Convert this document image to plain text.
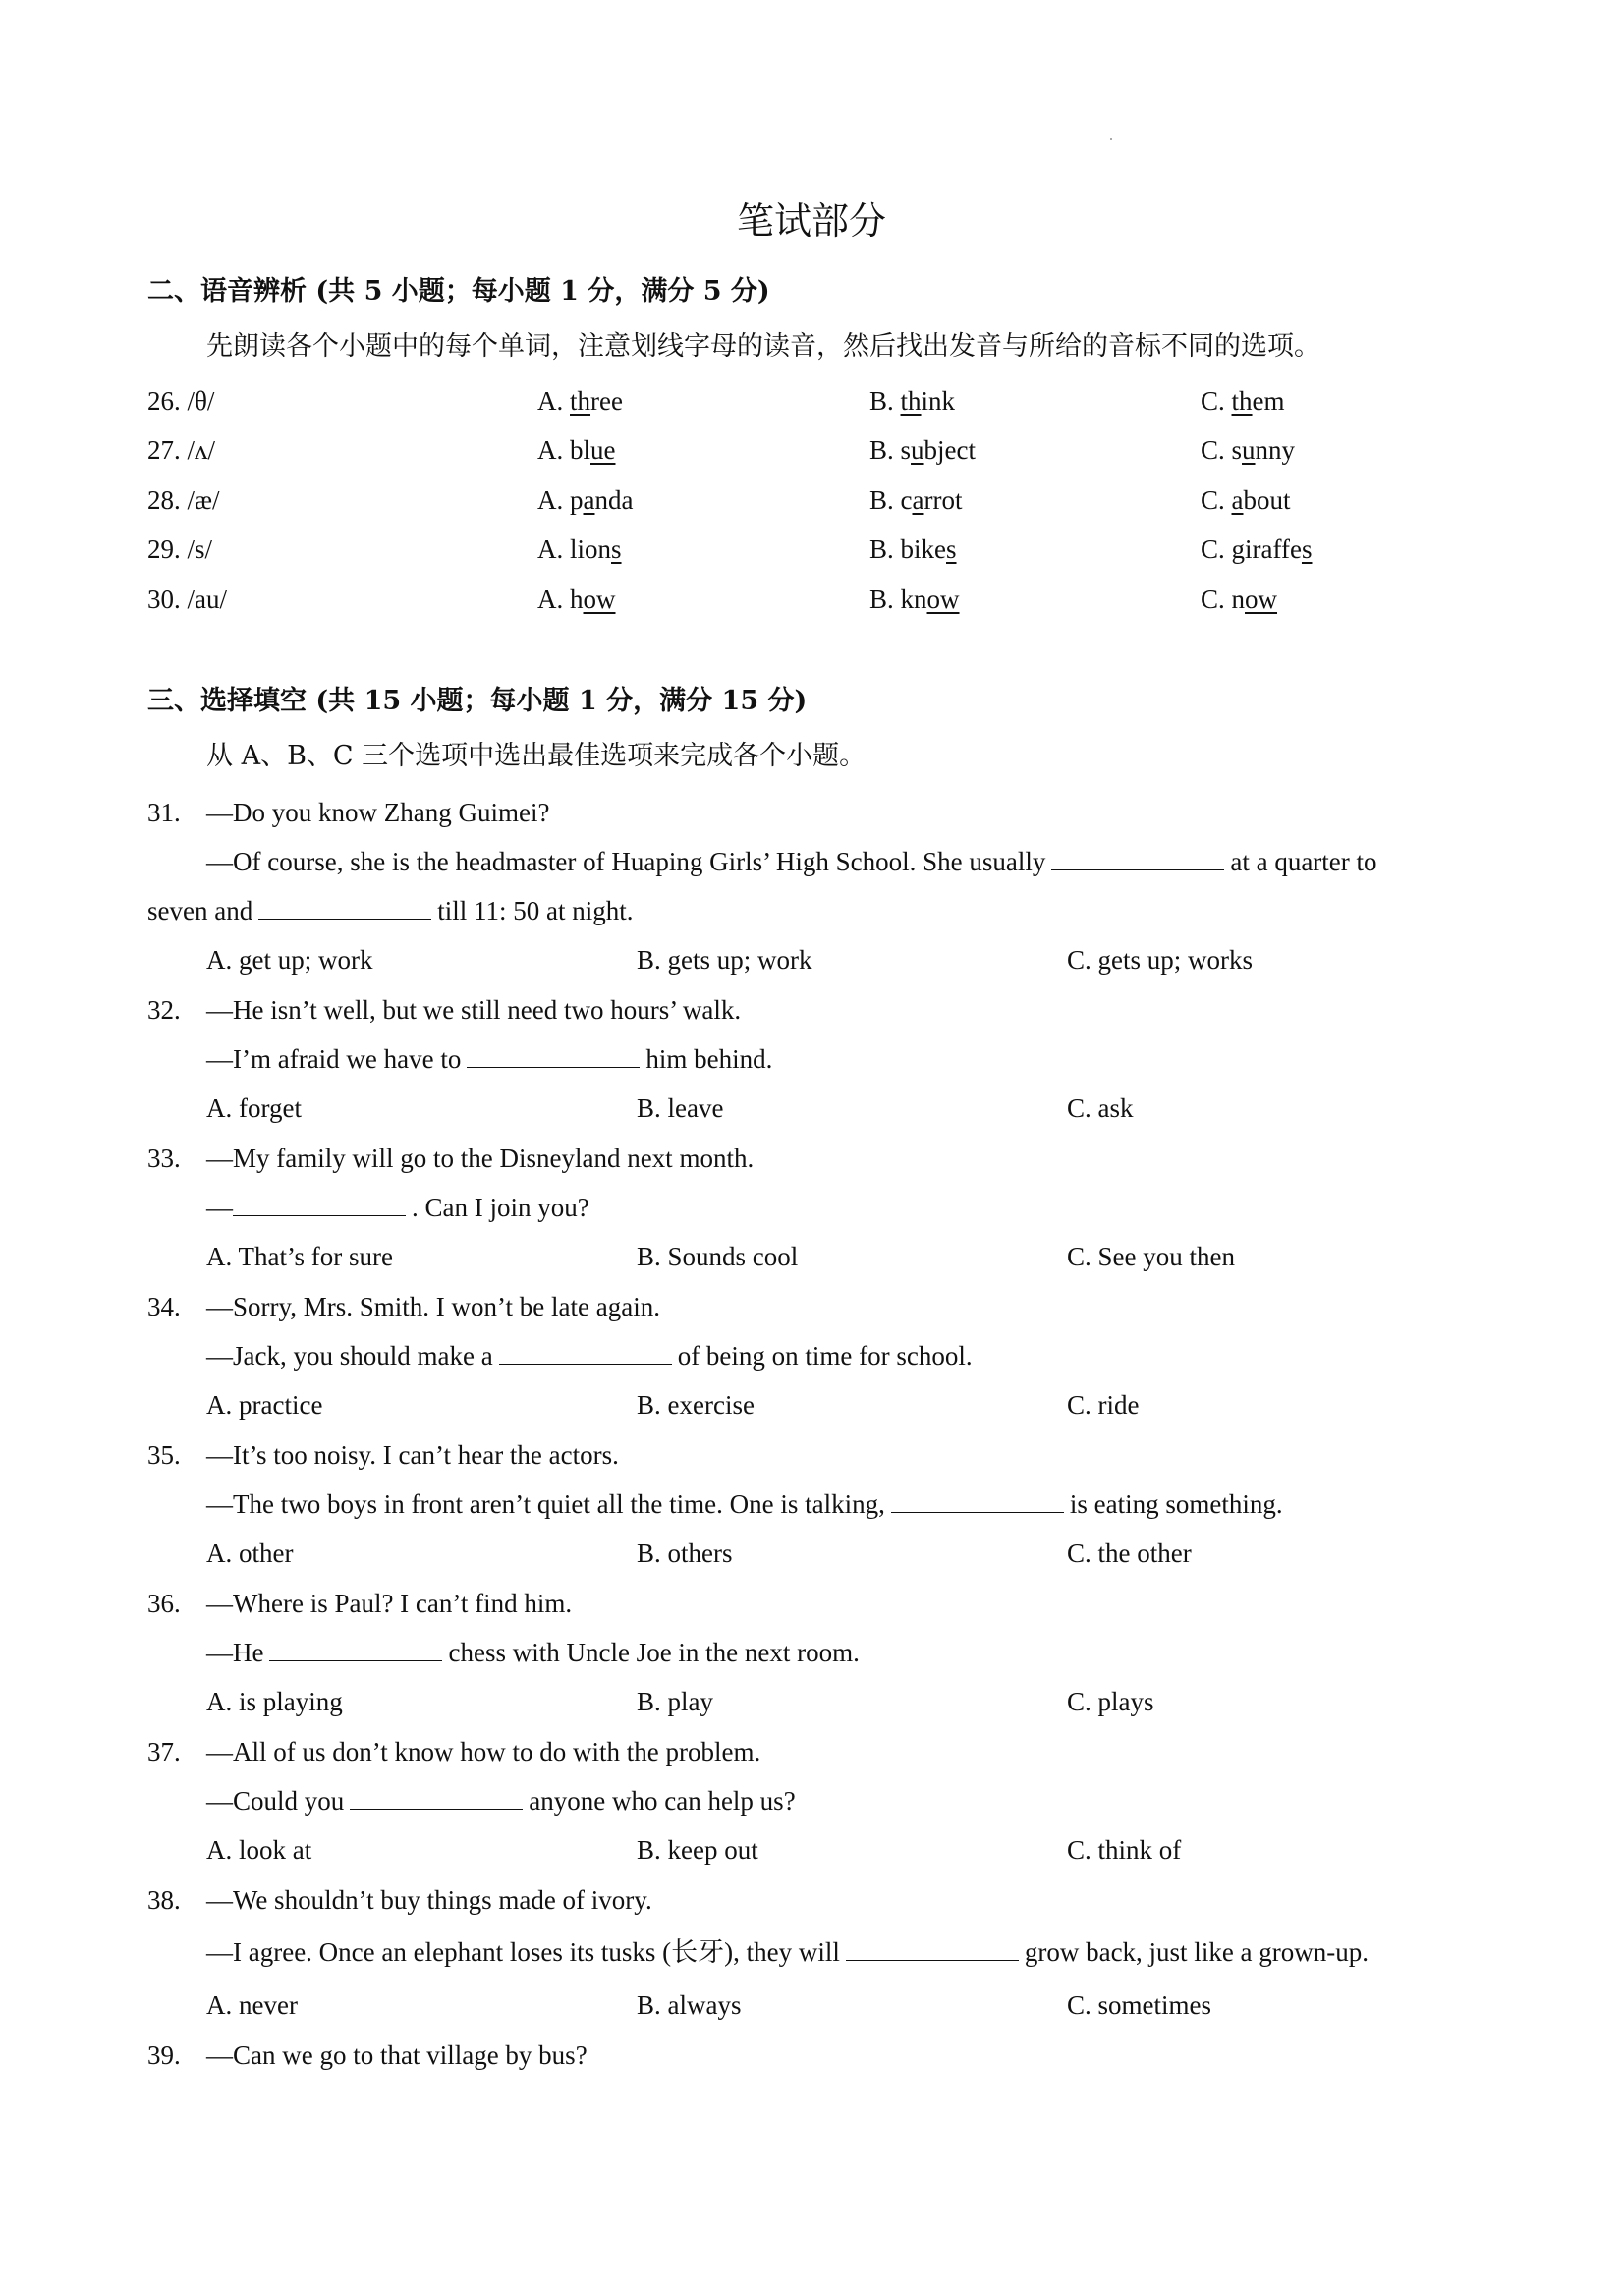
笔试部分
二、语音辨析 (共 5 小题；每小题 1 分，满分 5 分)
先朗读各个小题中的每个单词，注意划线字母的读音，然后找出发音与所给的音标不同的选项。
26. /θ/	A. three	B. think	C. them
27. /ʌ/	A. blue	B. subject	C. sunny
28. /æ/	A. panda	B. carrot	C. about
29. /s/	A. lions	B. bikes	C. giraffes
30. /au/	A. how	B. know	C. now
三、选择填空 (共 15 小题；每小题 1 分，满分 15 分)
从 A、B、C 三个选项中选出最佳选项来完成各个小题。
31. —Do you know Zhang Guimei?
—Of course, she is the headmaster of Huaping Girls’ High School. She usually	at a quarter to
seven and	till 11: 50 at night.
A. get up; work	B. gets up; work	C. gets up; works
32. —He isn’t well, but we still need two hours’ walk.
—I’m afraid we have to	him behind.
A. forget	B. leave	C. ask
33. —My family will go to the Disneyland next month.
—	. Can I join you?
A. That’s for sure	B. Sounds cool	C. See you then
34. —Sorry, Mrs. Smith. I won’t be late again.
—Jack, you should make a	of being on time for school.
A. practice	B. exercise	C. ride
35. —It’s too noisy. I can’t hear the actors.
—The two boys in front aren’t quiet all the time. One is talking,	is eating something.
A. other	B. others	C. the other
36. —Where is Paul? I can’t find him.
—He	chess with Uncle Joe in the next room.
A. is playing	B. play	C. plays
37. —All of us don’t know how to do with the problem.
—Could you	anyone who can help us?
A. look at	B. keep out	C. think of
38. —We shouldn’t buy things made of ivory.
—I agree. Once an elephant loses its tusks (长牙), they will	grow back, just like a grown-up.
A. never	B. always	C. sometimes
39. —Can we go to that village by bus?
